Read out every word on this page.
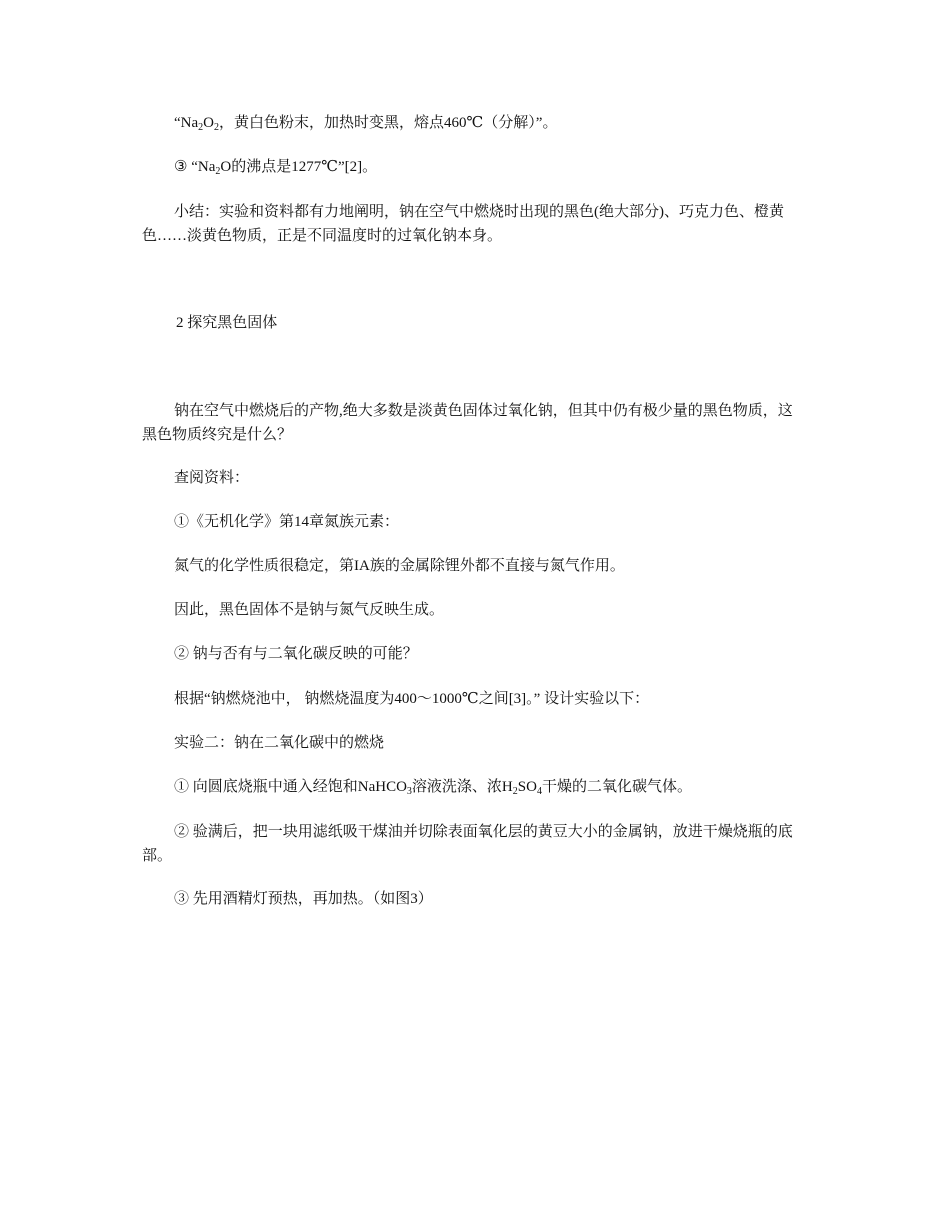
“$Na_2O_2$，黄白色粉末，加热时变黑，熔点460℃（分解）”。

③ “$Na_2O$的沸点是1277℃”[2]。

小结：实验和资料都有力地阐明，钠在空气中燃烧时出现的黑色(绝大部分)、巧克力色、橙黄色……淡黄色物质，正是不同温度时的过氧化钠本身。

2 探究黑色固体

钠在空气中燃烧后的产物,绝大多数是淡黄色固体过氧化钠，但其中仍有极少量的黑色物质，这黑色物质终究是什么？

查阅资料：

①《无机化学》第14章氮族元素：

氮气的化学性质很稳定，第IA族的金属除锂外都不直接与氮气作用。

因此，黑色固体不是钠与氮气反映生成。

② 钠与否有与二氧化碳反映的可能？

根据“钠燃烧池中， 钠燃烧温度为400～1000℃之间[3]。” 设计实验以下：

实验二：钠在二氧化碳中的燃烧

① 向圆底烧瓶中通入经饱和NaHCO$_3$溶液洗涤、浓$H_2SO_4$干燥的二氧化碳气体。

② 验满后，把一块用滤纸吸干煤油并切除表面氧化层的黄豆大小的金属钠，放进干燥烧瓶的底部。

③ 先用酒精灯预热，再加热。（如图3）
